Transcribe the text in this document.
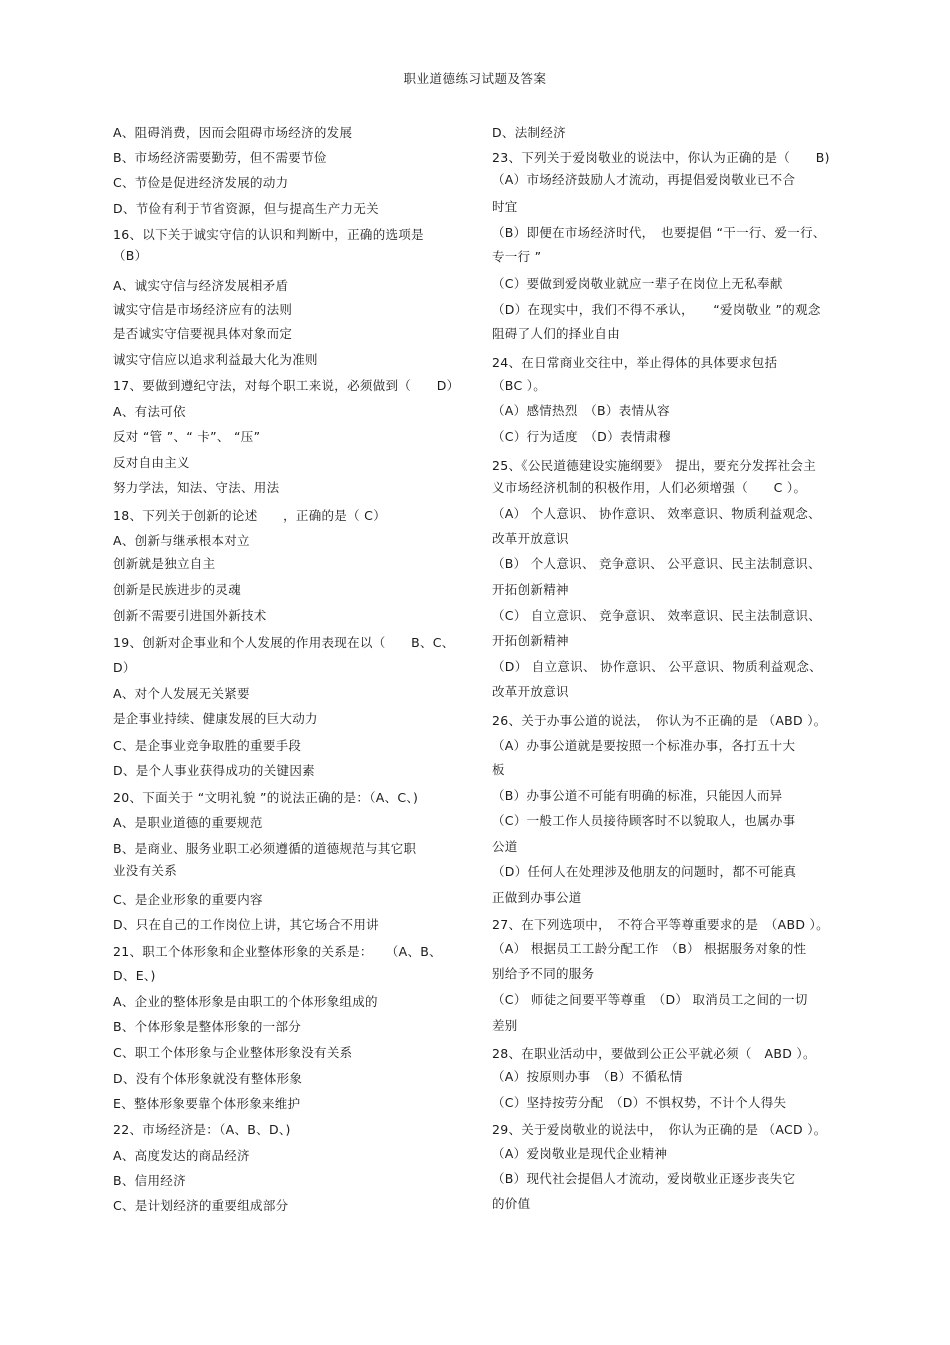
职业道德练习试题及答案
A、阻碍消费，因而会阻碍市场经济的发展
B、市场经济需要勤劳，但不需要节俭
C、节俭是促进经济发展的动力
D、节俭有利于节省资源，但与提高生产力无关
16、以下关于诚实守信的认识和判断中，正确的选项是
（B）
A、诚实守信与经济发展相矛盾
诚实守信是市场经济应有的法则
是否诚实守信要视具体对象而定
诚实守信应以追求利益最大化为准则
17、要做到遵纪守法，对每个职工来说，必须做到（　　D）
A、有法可依
反对 “管 ”、“ 卡”、 “压”
反对自由主义
努力学法，知法、守法、用法
18、下列关于创新的论述　　，正确的是（ C）
A、创新与继承根本对立
创新就是独立自主
创新是民族进步的灵魂
创新不需要引进国外新技术
19、创新对企事业和个人发展的作用表现在以（　　B、C、
D）
A、对个人发展无关紧要
是企事业持续、健康发展的巨大动力
C、是企事业竞争取胜的重要手段
D、是个人事业获得成功的关键因素
20、下面关于 “文明礼貌 ”的说法正确的是：（A、C、)
A、是职业道德的重要规范
B、是商业、服务业职工必须遵循的道德规范与其它职
业没有关系
C、是企业形象的重要内容
D、只在自己的工作岗位上讲，其它场合不用讲
21、职工个体形象和企业整体形象的关系是：　　（A、B、
D、E、)
A、企业的整体形象是由职工的个体形象组成的
B、个体形象是整体形象的一部分
C、职工个体形象与企业整体形象没有关系
D、没有个体形象就没有整体形象
E、整体形象要靠个体形象来维护
22、市场经济是：（A、B、D、)
A、高度发达的商品经济
B、信用经济
C、是计划经济的重要组成部分
D、法制经济
23、下列关于爱岗敬业的说法中，你认为正确的是（　　B)
（A）市场经济鼓励人才流动，再提倡爱岗敬业已不合
时宜
（B）即便在市场经济时代，　也要提倡 “干一行、爱一行、
专一行 ”
（C）要做到爱岗敬业就应一辈子在岗位上无私奉献
（D）在现实中，我们不得不承认，　　“爱岗敬业 ”的观念
阻碍了人们的择业自由
24、在日常商业交往中，举止得体的具体要求包括
（BC ）。
（A）感情热烈　（B）表情从容
（C）行为适度　（D）表情肃穆
25、《公民道德建设实施纲要》　提出，要充分发挥社会主
义市场经济机制的积极作用，人们必须增强（　　C ）。
（A） 个人意识、 协作意识、 效率意识、物质利益观念、
改革开放意识
（B） 个人意识、 竞争意识、 公平意识、民主法制意识、
开拓创新精神
（C） 自立意识、 竞争意识、 效率意识、民主法制意识、
开拓创新精神
（D） 自立意识、 协作意识、 公平意识、物质利益观念、
改革开放意识
26、关于办事公道的说法，　你认为不正确的是 （ABD ）。
（A）办事公道就是要按照一个标准办事，各打五十大
板
（B）办事公道不可能有明确的标准，只能因人而异
（C）一般工作人员接待顾客时不以貌取人，也属办事
公道
（D）任何人在处理涉及他朋友的问题时，都不可能真
正做到办事公道
27、在下列选项中，　不符合平等尊重要求的是　（ABD ）。
（A） 根据员工工龄分配工作　（B） 根据服务对象的性
别给予不同的服务
（C） 师徒之间要平等尊重　（D） 取消员工之间的一切
差别
28、在职业活动中，要做到公正公平就必须（　ABD ）。
（A）按原则办事　（B）不循私情
（C）坚持按劳分配　（D）不惧权势，不计个人得失
29、关于爱岗敬业的说法中，　你认为正确的是 （ACD ）。
（A）爱岗敬业是现代企业精神
（B）现代社会提倡人才流动，爱岗敬业正逐步丧失它
的价值
